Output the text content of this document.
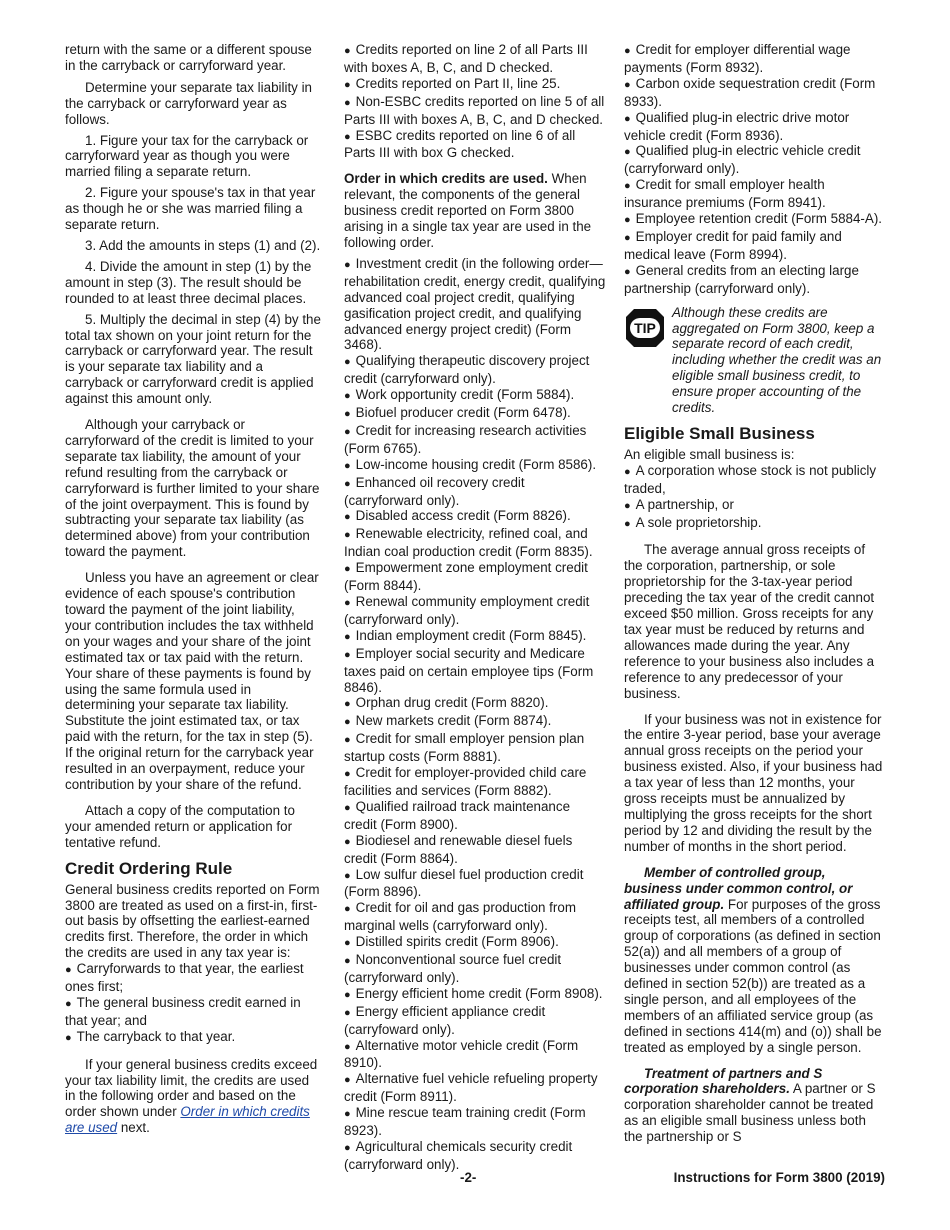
return with the same or a different spouse in the carryback or carryforward year.

Determine your separate tax liability in the carryback or carryforward year as follows.

1. Figure your tax for the carryback or carryforward year as though you were married filing a separate return.

2. Figure your spouse's tax in that year as though he or she was married filing a separate return.

3. Add the amounts in steps (1) and (2).

4. Divide the amount in step (1) by the amount in step (3). The result should be rounded to at least three decimal places.

5. Multiply the decimal in step (4) by the total tax shown on your joint return for the carryback or carryforward year. The result is your separate tax liability and a carryback or carryforward credit is applied against this amount only.

Although your carryback or carryforward of the credit is limited to your separate tax liability, the amount of your refund resulting from the carryback or carryforward is further limited to your share of the joint overpayment. This is found by subtracting your separate tax liability (as determined above) from your contribution toward the payment.

Unless you have an agreement or clear evidence of each spouse's contribution toward the payment of the joint liability, your contribution includes the tax withheld on your wages and your share of the joint estimated tax or tax paid with the return. Your share of these payments is found by using the same formula used in determining your separate tax liability. Substitute the joint estimated tax, or tax paid with the return, for the tax in step (5). If the original return for the carryback year resulted in an overpayment, reduce your contribution by your share of the refund.

Attach a copy of the computation to your amended return or application for tentative refund.

Credit Ordering Rule

General business credits reported on Form 3800 are treated as used on a first-in, first-out basis by offsetting the earliest-earned credits first. Therefore, the order in which the credits are used in any tax year is:

● Carryforwards to that year, the earliest ones first;
● The general business credit earned in that year; and
● The carryback to that year.

If your general business credits exceed your tax liability limit, the credits are used in the following order and based on the order shown under Order in which credits are used next.

● Credits reported on line 2 of all Parts III with boxes A, B, C, and D checked.
● Credits reported on Part II, line 25.
● Non-ESBC credits reported on line 5 of all Parts III with boxes A, B, C, and D checked.
● ESBC credits reported on line 6 of all Parts III with box G checked.

Order in which credits are used. When relevant, the components of the general business credit reported on Form 3800 arising in a single tax year are used in the following order.

● Investment credit (in the following order—rehabilitation credit, energy credit, qualifying advanced coal project credit, qualifying gasification project credit, and qualifying advanced energy project credit) (Form 3468).
● Qualifying therapeutic discovery project credit (carryforward only).
● Work opportunity credit (Form 5884).
● Biofuel producer credit (Form 6478).
● Credit for increasing research activities (Form 6765).
● Low-income housing credit (Form 8586).
● Enhanced oil recovery credit (carryforward only).
● Disabled access credit (Form 8826).
● Renewable electricity, refined coal, and Indian coal production credit (Form 8835).
● Empowerment zone employment credit (Form 8844).
● Renewal community employment credit (carryforward only).
● Indian employment credit (Form 8845).
● Employer social security and Medicare taxes paid on certain employee tips (Form 8846).
● Orphan drug credit (Form 8820).
● New markets credit (Form 8874).
● Credit for small employer pension plan startup costs (Form 8881).
● Credit for employer-provided child care facilities and services (Form 8882).
● Qualified railroad track maintenance credit (Form 8900).
● Biodiesel and renewable diesel fuels credit (Form 8864).
● Low sulfur diesel fuel production credit (Form 8896).
● Credit for oil and gas production from marginal wells (carryforward only).
● Distilled spirits credit (Form 8906).
● Nonconventional source fuel credit (carryforward only).
● Energy efficient home credit (Form 8908).
● Energy efficient appliance credit (carryfoward only).
● Alternative motor vehicle credit (Form 8910).
● Alternative fuel vehicle refueling property credit (Form 8911).
● Mine rescue team training credit (Form 8923).
● Agricultural chemicals security credit (carryforward only).
● Credit for employer differential wage payments (Form 8932).
● Carbon oxide sequestration credit (Form 8933).
● Qualified plug-in electric drive motor vehicle credit (Form 8936).
● Qualified plug-in electric vehicle credit (carryforward only).
● Credit for small employer health insurance premiums (Form 8941).
● Employee retention credit (Form 5884-A).
● Employer credit for paid family and medical leave (Form 8994).
● General credits from an electing large partnership (carryforward only).
TIP
Although these credits are aggregated on Form 3800, keep a separate record of each credit, including whether the credit was an eligible small business credit, to ensure proper accounting of the credits.
Eligible Small Business

An eligible small business is:

● A corporation whose stock is not publicly traded,
● A partnership, or
● A sole proprietorship.

The average annual gross receipts of the corporation, partnership, or sole proprietorship for the 3-tax-year period preceding the tax year of the credit cannot exceed $50 million. Gross receipts for any tax year must be reduced by returns and allowances made during the year. Any reference to your business also includes a reference to any predecessor of your business.

If your business was not in existence for the entire 3-year period, base your average annual gross receipts on the period your business existed. Also, if your business had a tax year of less than 12 months, your gross receipts must be annualized by multiplying the gross receipts for the short period by 12 and dividing the result by the number of months in the short period.

Member of controlled group, business under common control, or affiliated group. For purposes of the gross receipts test, all members of a controlled group of corporations (as defined in section 52(a)) and all members of a group of businesses under common control (as defined in section 52(b)) are treated as a single person, and all employees of the members of an affiliated service group (as defined in sections 414(m) and (o)) shall be treated as employed by a single person.

Treatment of partners and S corporation shareholders. A partner or S corporation shareholder cannot be treated as an eligible small business unless both the partnership or S

-2-	Instructions for Form 3800 (2019)
